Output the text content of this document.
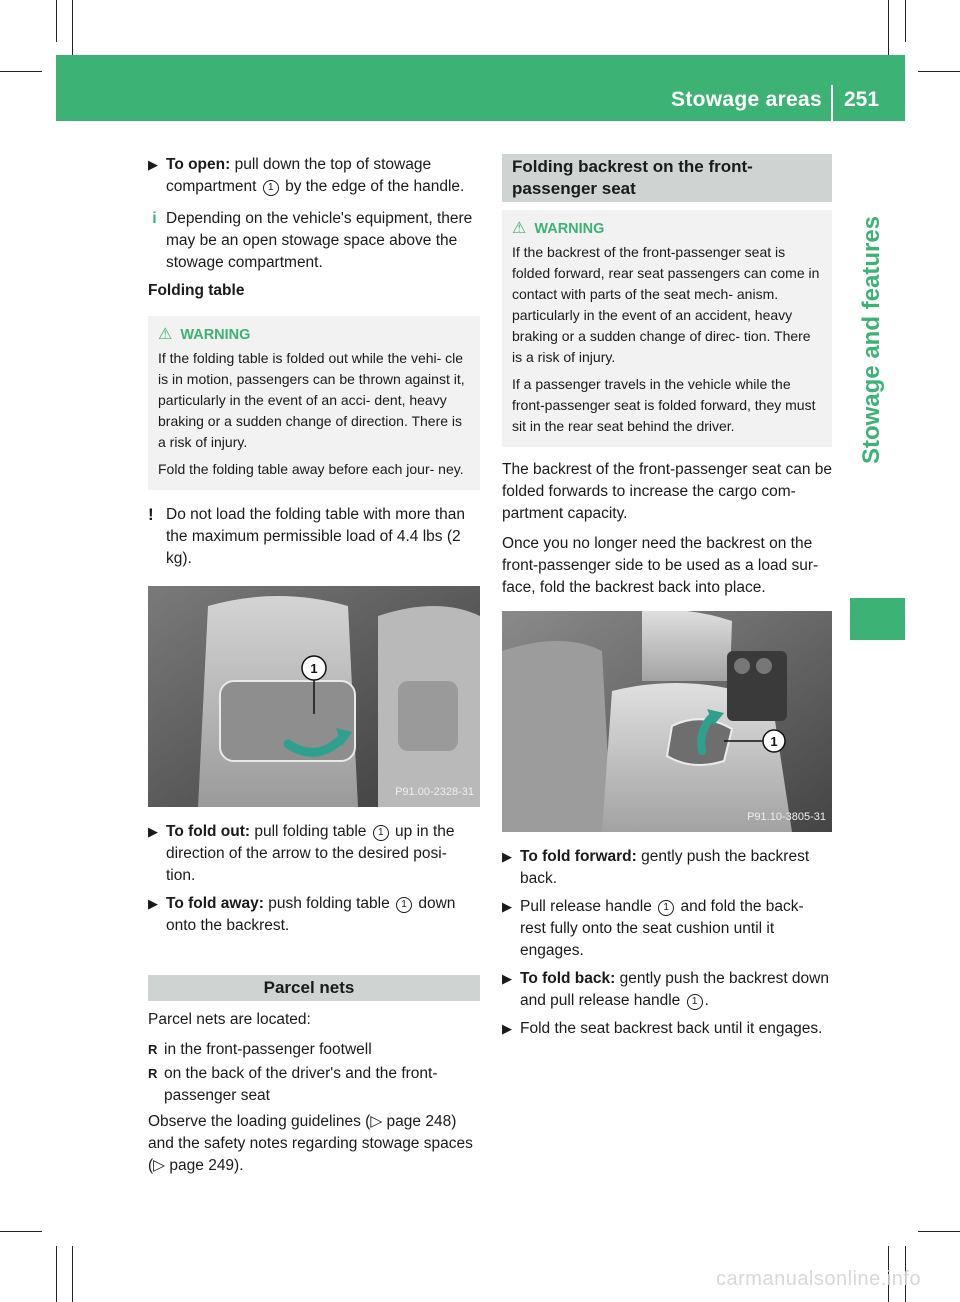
Stowage areas 251
Stowage and features
▶ To open: pull down the top of stowage compartment 1 by the edge of the handle.
i Depending on the vehicle's equipment, there may be an open stowage space above the stowage compartment.
Folding table
⚠ WARNING

If the folding table is folded out while the vehi- cle is in motion, passengers can be thrown against it, particularly in the event of an acci- dent, heavy braking or a sudden change of direction. There is a risk of injury.

Fold the folding table away before each jour- ney.

! Do not load the folding table with more than the maximum permissible load of 4.4 lbs (2 kg).
1
P91.00-2328-31
▶ To fold out: pull folding table 1 up in the direction of the arrow to the desired posi- tion.
▶ To fold away: push folding table 1 down onto the backrest.
Parcel nets

Parcel nets are located:

R in the front-passenger footwell
R on the back of the driver's and the front- passenger seat

Observe the loading guidelines (▷ page 248) and the safety notes regarding stowage spaces (▷ page 249).

Folding backrest on the front- passenger seat
⚠ WARNING

If the backrest of the front-passenger seat is folded forward, rear seat passengers can come in contact with parts of the seat mech- anism. particularly in the event of an accident, heavy braking or a sudden change of direc- tion. There is a risk of injury.

If a passenger travels in the vehicle while the front-passenger seat is folded forward, they must sit in the rear seat behind the driver.

The backrest of the front-passenger seat can be folded forwards to increase the cargo com- partment capacity.

Once you no longer need the backrest on the front-passenger side to be used as a load sur- face, fold the backrest back into place.

1
P91.10-3805-31
▶ To fold forward: gently push the backrest back.
▶ Pull release handle 1 and fold the back- rest fully onto the seat cushion until it engages.
▶ To fold back: gently push the backrest down and pull release handle 1 .
▶ Fold the seat backrest back until it engages.
carmanualsonline.info
